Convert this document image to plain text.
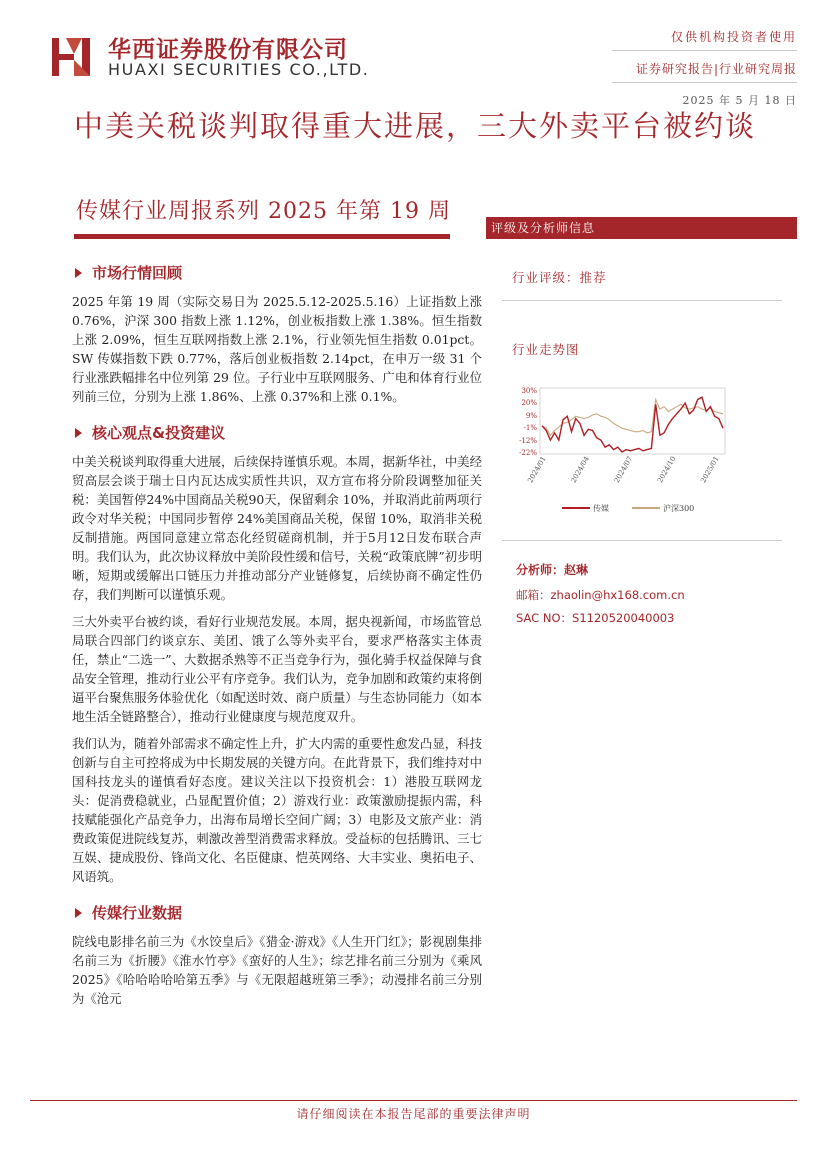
华西证券股份有限公司
HUAXI SECURITIES CO.,LTD.
仅供机构投资者使用
证券研究报告|行业研究周报
2025 年 5 月 18 日
中美关税谈判取得重大进展，三大外卖平台被约谈
传媒行业周报系列 2025 年第 19 周
市场行情回顾

2025 年第 19 周（实际交易日为 2025.5.12-2025.5.16）上证指数上涨 0.76%，沪深 300 指数上涨 1.12%，创业板指数上涨 1.38%。恒生指数上涨 2.09%，恒生互联网指数上涨 2.1%，行业领先恒生指数 0.01pct。SW 传媒指数下跌 0.77%，落后创业板指数 2.14pct，在申万一级 31 个行业涨跌幅排名中位列第 29 位。子行业中互联网服务、广电和体育行业位列前三位，分别为上涨 1.86%、上涨 0.37%和上涨 0.1%。

核心观点&投资建议

中美关税谈判取得重大进展，后续保持谨慎乐观。本周，据新华社，中美经贸高层会谈于瑞士日内瓦达成实质性共识，双方宣布将分阶段调整加征关税：美国暂停24%中国商品关税90天，保留剩余 10%，并取消此前两项行政令对华关税；中国同步暂停 24%美国商品关税，保留 10%，取消非关税反制措施。两国同意建立常态化经贸磋商机制，并于5月12日发布联合声明。我们认为，此次协议释放中美阶段性缓和信号，关税“政策底牌”初步明晰，短期或缓解出口链压力并推动部分产业链修复，后续协商不确定性仍存，我们判断可以谨慎乐观。

三大外卖平台被约谈，看好行业规范发展。本周，据央视新闻，市场监管总局联合四部门约谈京东、美团、饿了么等外卖平台，要求严格落实主体责任，禁止“二选一”、大数据杀熟等不正当竞争行为，强化骑手权益保障与食品安全管理，推动行业公平有序竞争。我们认为，竞争加剧和政策约束将倒逼平台聚焦服务体验优化（如配送时效、商户质量）与生态协同能力（如本地生活全链路整合），推动行业健康度与规范度双升。

我们认为，随着外部需求不确定性上升，扩大内需的重要性愈发凸显，科技创新与自主可控将成为中长期发展的关键方向。在此背景下，我们维持对中国科技龙头的谨慎看好态度。建议关注以下投资机会：1）港股互联网龙头：促消费稳就业，凸显配置价值；2）游戏行业：政策激励提振内需，科技赋能强化产品竞争力，出海布局增长空间广阔；3）电影及文旅产业：消费政策促进院线复苏，刺激改善型消费需求释放。受益标的包括腾讯、三七互娱、捷成股份、锋尚文化、名臣健康、恺英网络、大丰实业、奥拓电子、风语筑。

传媒行业数据

院线电影排名前三为《水饺皇后》《猎金·游戏》《人生开门红》；影视剧集排名前三为《折腰》《淮水竹亭》《蛮好的人生》；综艺排名前三分别为《乘风 2025》《哈哈哈哈哈第五季》与《无限超越班第三季》；动漫排名前三分别为《沧元

评级及分析师信息
行业评级：推荐
行业走势图
30%
20%
9%
-1%
-12%
-22%
2024/01	2024/04	2024/07	2024/10	2025/01
传媒	沪深300
分析师：赵琳
邮箱：zhaolin@hx168.com.cn
SAC NO：S1120520040003
请仔细阅读在本报告尾部的重要法律声明
